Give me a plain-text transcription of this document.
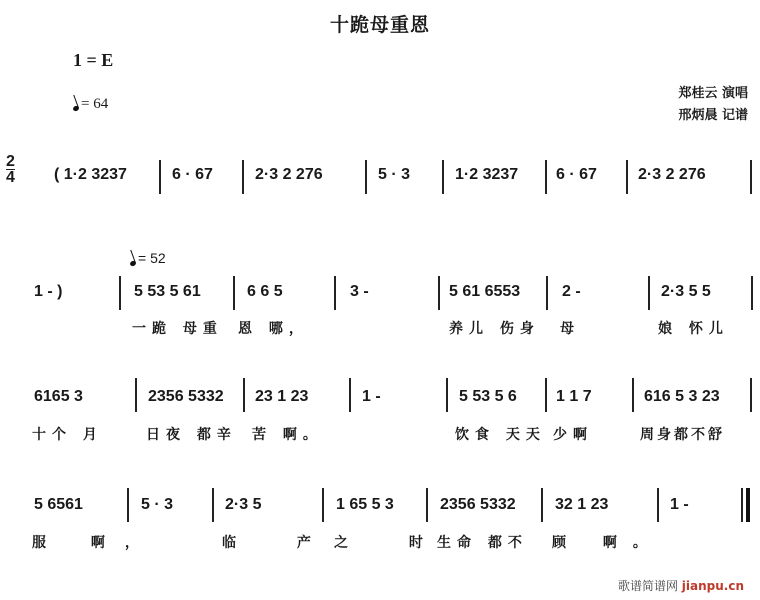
十跪母重恩
1 = E
= 64
郑桂云 演唱
邢炳晨 记谱
2
4 ( 1·2 3237	6 · 67	2·3 2 276	5 · 3	1·2 3237 6 · 67	2·3 2 276
= 52
1 - )	5 53 5 61
一跪 母重
6 6 5
恩 哪，
3 -	5 61 6553
养儿 伤身
2 -
母
2·3 5 5
娘 怀儿
6165 3
十个 月
2356 5332
日夜 都辛
23 1 23
苦 啊。
1 -	5 53 5 6
饮食 天天
1 1 7
少啊
616 5 3 23
周身都不舒
5 6561
服 啊，
5 · 3	2·3 5
临 产
1 65 5 3
之 时
2356 5332
生命 都不
32 1 23
顾 啊。
1 -
歌谱简谱网 jianpu.cn
